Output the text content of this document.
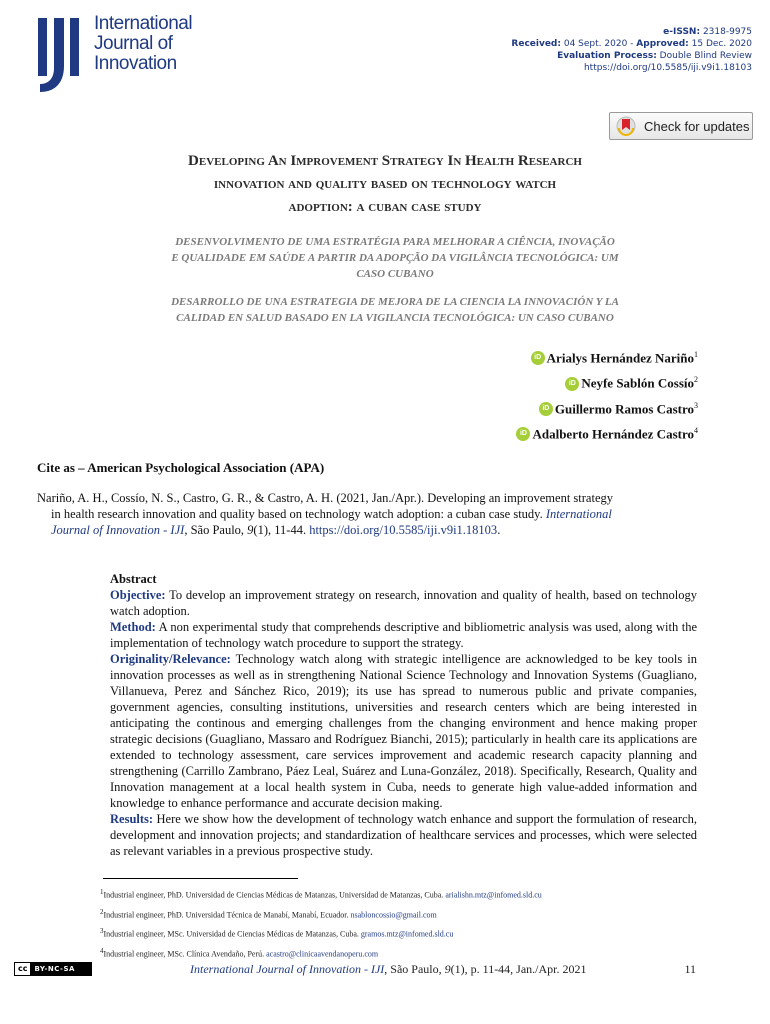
International
Journal of
Innovation
e-ISSN: 2318-9975
Received: 04 Sept. 2020 - Approved: 15 Dec. 2020
Evaluation Process: Double Blind Review
https://doi.org/10.5585/iji.v9i1.18103
Check for updates
Developing An Improvement Strategy In Health Research
innovation and quality based on technology watch
adoption: a cuban case study
DESENVOLVIMENTO DE UMA ESTRATÉGIA PARA MELHORAR A CIÊNCIA, INOVAÇÃO
E QUALIDADE EM SAÚDE A PARTIR DA ADOPÇÃO DA VIGILÂNCIA TECNOLÓGICA: UM
CASO CUBANO
DESARROLLO DE UNA ESTRATEGIA DE MEJORA DE LA CIENCIA LA INNOVACIÓN Y LA
CALIDAD EN SALUD BASADO EN LA VIGILANCIA TECNOLÓGICA: UN CASO CUBANO
iD Arialys Hernández Nariño$^1$
iD Neyfe Sablón Cossío$^2$
iD Guillermo Ramos Castro$^3$
iD Adalberto Hernández Castro$^4$
Cite as – American Psychological Association (APA)
Nariño, A. H., Cossío, N. S., Castro, G. R., & Castro, A. H. (2021, Jan./Apr.). Developing an improvement strategy
in health research innovation and quality based on technology watch adoption: a cuban case study. International
Journal of Innovation - IJI, São Paulo, 9(1), 11-44. https://doi.org/10.5585/iji.v9i1.18103.

Abstract

Objective: To develop an improvement strategy on research, innovation and quality of health, based on technology watch adoption.

Method: A non experimental study that comprehends descriptive and bibliometric analysis was used, along with the implementation of technology watch procedure to support the strategy.

Originality/Relevance: Technology watch along with strategic intelligence are acknowledged to be key tools in innovation processes as well as in strengthening National Science Technology and Innovation Systems (Guagliano, Villanueva, Perez and Sánchez Rico, 2019); its use has spread to numerous public and private companies, government agencies, consulting institutions, universities and research centers which are being interested in anticipating the continous and emerging challenges from the changing environment and hence making proper strategic decisions (Guagliano, Massaro and Rodríguez Bianchi, 2015); particularly in health care its applications are extended to technology assessment, care services improvement and academic research capacity planning and strengthening (Carrillo Zambrano, Páez Leal, Suárez and Luna-González, 2018). Specifically, Research, Quality and Innovation management at a local health system in Cuba, needs to generate high value-added information and knowledge to enhance performance and accurate decision making.

Results: Here we show how the development of technology watch enhance and support the formulation of research, development and innovation projects; and standardization of healthcare services and processes, which were selected as relevant variables in a previous prospective study.

$^1$Industrial engineer, PhD. Universidad de Ciencias Médicas de Matanzas, Universidad de Matanzas, Cuba. arialishn.mtz@infomed.sld.cu
$^2$Industrial engineer, PhD. Universidad Técnica de Manabí, Manabí, Ecuador. nsabloncossio@gmail.com
$^3$Industrial engineer, MSc. Universidad de Ciencias Médicas de Matanzas, Cuba. gramos.mtz@infomed.sld.cu
$^4$Industrial engineer, MSc. Clínica Avendaño, Perú. acastro@clinicaavendanoperu.com
cc	BY-NC-SA	International Journal of Innovation - IJI, São Paulo, 9(1), p. 11-44, Jan./Apr. 2021	11
